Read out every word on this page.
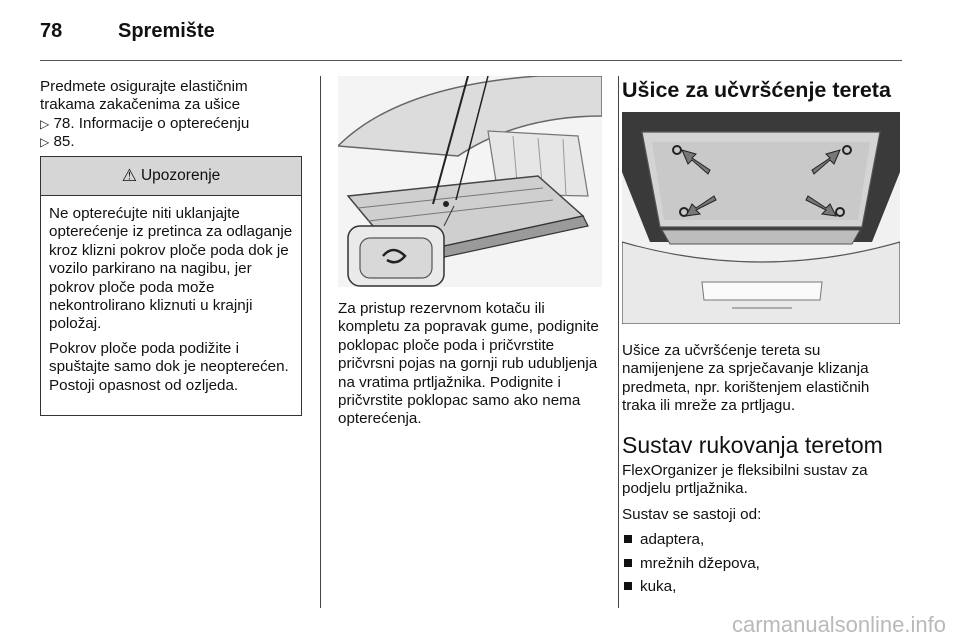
78	Spremište
Predmete osigurajte elastičnim
trakama zakačenima za ušice
▷ 78. Informacije o opterećenju
▷ 85.
⚠ Upozorenje

Ne opterećujte niti uklanjajte opterećenje iz pretinca za odlaganje kroz klizni pokrov ploče poda dok je vozilo parkirano na nagibu, jer pokrov ploče poda može nekontrolirano kliznuti u krajnji položaj.

Pokrov ploče poda podižite i spuštajte samo dok je neopterećen. Postoji opasnost od ozljeda.

Za pristup rezervnom kotaču ili kompletu za popravak gume, podignite poklopac ploče poda i pričvrstite pričvrsni pojas na gornji rub udubljenja na vratima prtljažnika. Podignite i pričvrstite poklopac samo ako nema opterećenja.
Ušice za učvršćenje tereta
Ušice za učvršćenje tereta su namijenjene za sprječavanje klizanja predmeta, npr. korištenjem elastičnih traka ili mreže za prtljagu.
Sustav rukovanja teretom

FlexOrganizer je fleksibilni sustav za podjelu prtljažnika.

Sustav se sastoji od:

adaptera,
mrežnih džepova,
kuka,
carmanualsonline.info
